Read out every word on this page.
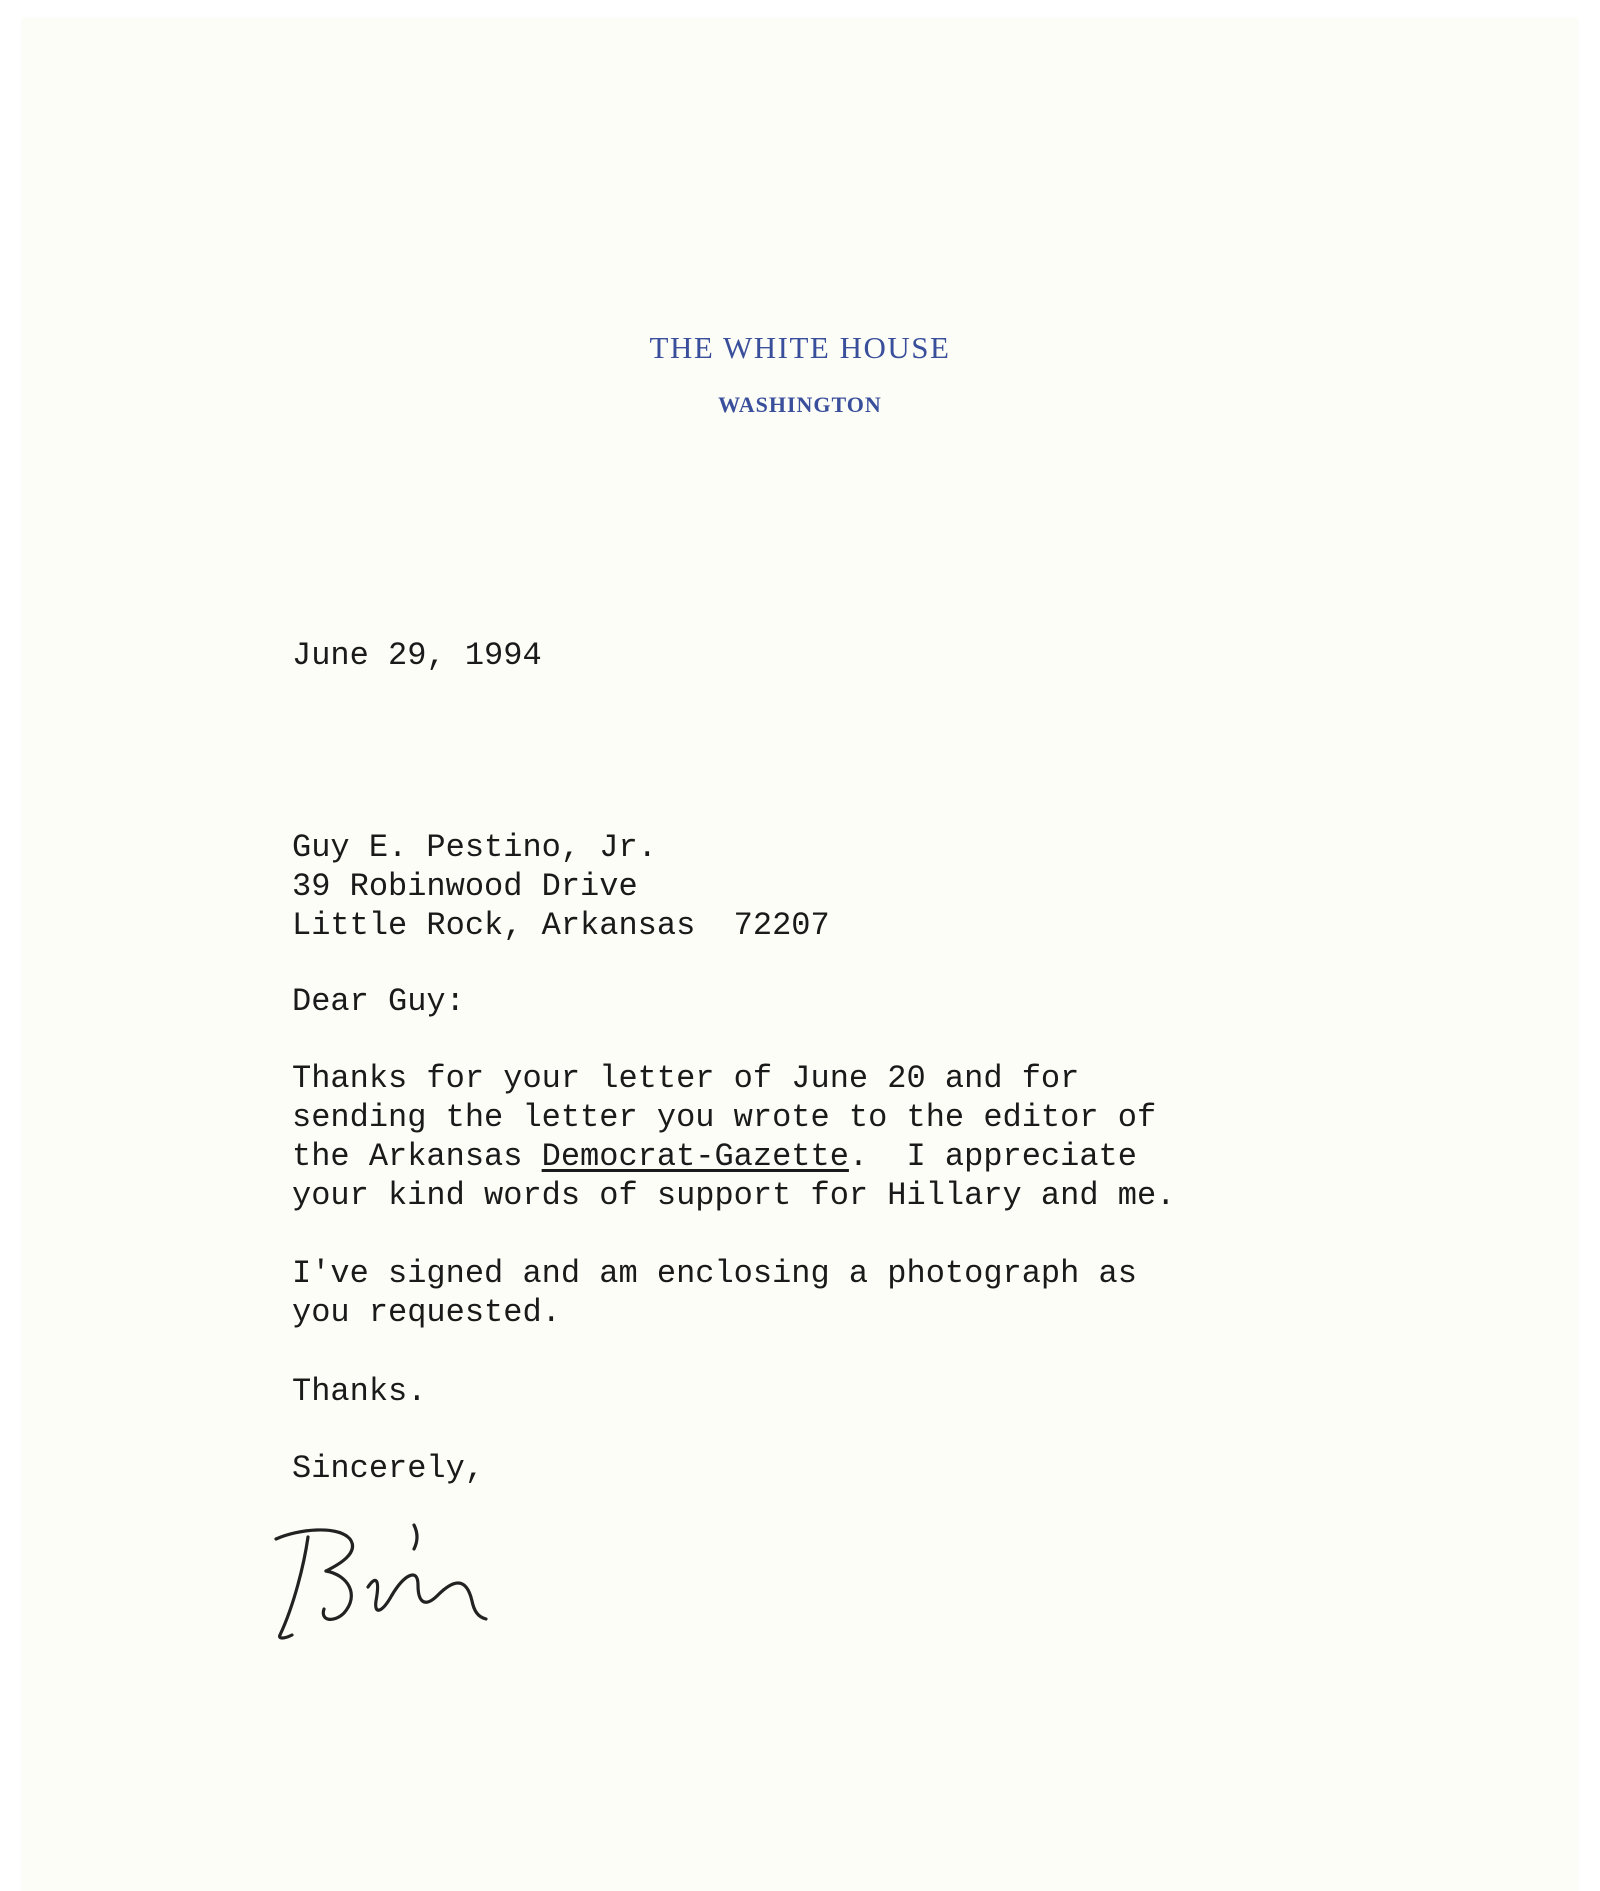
THE WHITE HOUSE
WASHINGTON
June 29, 1994
Guy E. Pestino, Jr.
39 Robinwood Drive
Little Rock, Arkansas  72207
Dear Guy:
Thanks for your letter of June 20 and for
sending the letter you wrote to the editor of
the Arkansas Democrat-Gazette.  I appreciate
your kind words of support for Hillary and me.
I've signed and am enclosing a photograph as
you requested.
Thanks.
Sincerely,
